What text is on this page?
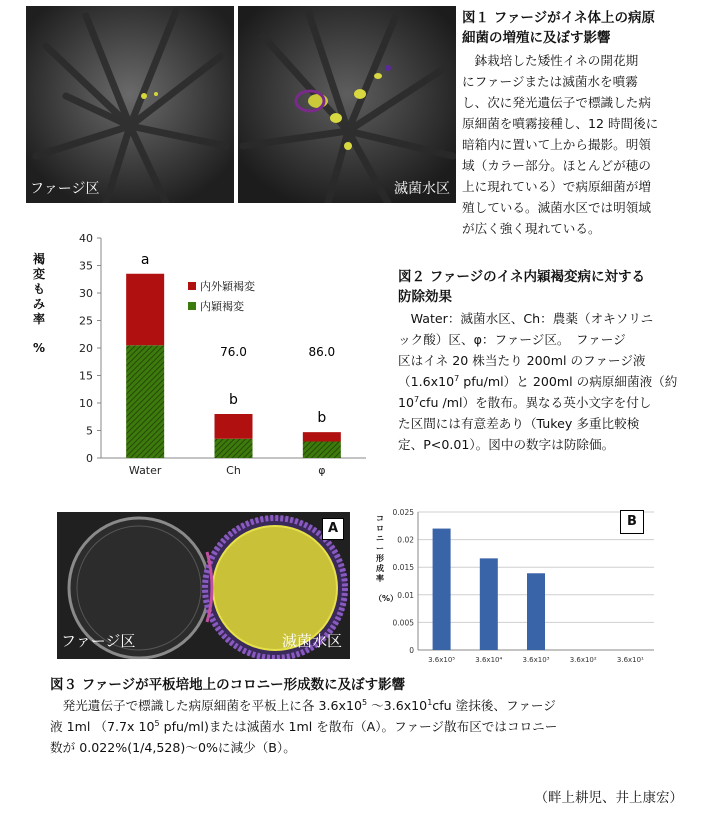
ファージ区	滅菌水区
図１ ファージがイネ体上の病原
細菌の増殖に及ぼす影響

　鉢栽培した矮性イネの開花期

にファージまたは滅菌水を噴霧

し、次に発光遺伝子で標識した病

原細菌を噴霧接種し、12 時間後に

暗箱内に置いて上から撮影。明領

域（カラー部分。ほとんどが穂の

上に現れている）で病原細菌が増

殖している。滅菌水区では明領域

が広く強く現れている。

褐
変
も
み
率
%
0
5
10
15
20
25
30
35
40
Water
a
Ch
b
76.0
φ
b
86.0
内外穎褐変
内穎褐変
図２ ファージのイネ内穎褐変病に対する
防除効果

　Water：滅菌水区、Ch：農薬（オキソリニ

ック酸）区、φ：ファージ区。　ファージ

区はイネ 20 株当たり 200ml のファージ液

（$1.6x10^7$ pfu/ml）と 200ml の病原細菌液（約

$10^7cfu$ /ml）を散布。異なる英小文字を付し

た区間には有意差あり（Tukey 多重比較検

定、P<0.01）。図中の数字は防除価。

ファージ区	滅菌水区
A
コ
ロ
ニ
ー
形
成
率
（%）
0
0.005
0.01
0.015
0.02
0.025
3.6x10⁵	3.6x10⁴	3.6x10³	3.6x10²	3.6x10¹
B
図３ ファージが平板培地上のコロニー形成数に及ぼす影響
　発光遺伝子で標識した病原細菌を平板上に各 $3.6x10^5$ $\sim 3.6x10^1cfu$ 塗抹後、ファージ
液 1ml （7.7x $10^5$ pfu/ml)または滅菌水 1ml を散布（A）。ファージ散布区ではコロニー
数が 0.022%(1/4,528)～0%に減少（B）。
（畔上耕児、井上康宏）
